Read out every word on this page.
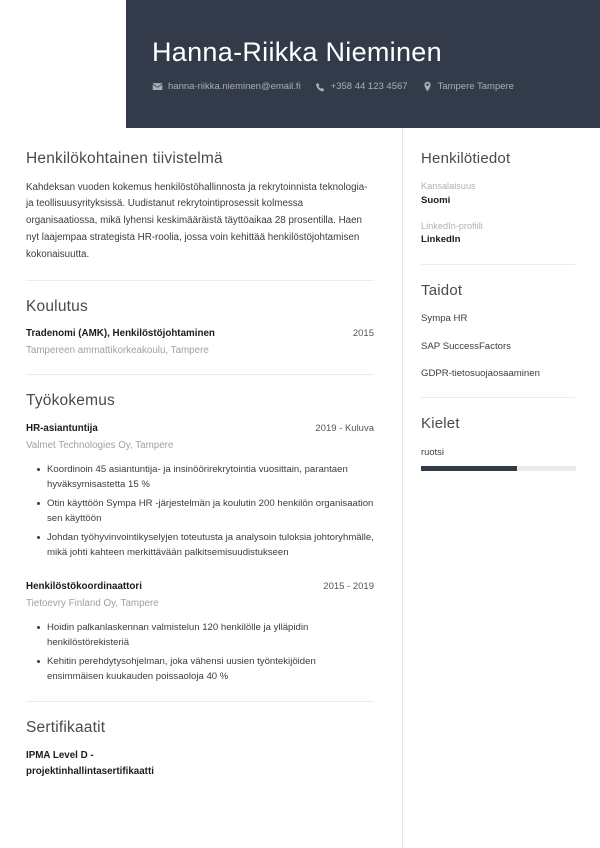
Hanna-Riikka Nieminen
hanna-riikka.nieminen@email.fi	+358 44 123 4567	Tampere Tampere
Henkilökohtainen tiivistelmä

Kahdeksan vuoden kokemus henkilöstöhallinnosta ja rekrytoinnista teknologia- ja teollisuusyrityksissä. Uudistanut rekrytointiprosessit kolmessa organisaatiossa, mikä lyhensi keskimääräistä täyttöaikaa 28 prosentilla. Haen nyt laajempaa strategista HR-roolia, jossa voin kehittää henkilöstöjohtamisen kokonaisuutta.

Koulutus
Tradenomi (AMK), Henkilöstöjohtaminen	2015
Tampereen ammattikorkeakoulu, Tampere
Työkokemus
HR-asiantuntija	2019 - Kuluva
Valmet Technologies Oy, Tampere
Koordinoin 45 asiantuntija- ja insinöörirekrytointia vuosittain, parantaen hyväksymisastetta 15 %
Otin käyttöön Sympa HR -järjestelmän ja koulutin 200 henkilön organisaation sen käyttöön
Johdan työhyvinvointikyselyjen toteutusta ja analysoin tuloksia johtoryhmälle, mikä johti kahteen merkittävään palkitsemisuudistukseen
Henkilöstökoordinaattori	2015 - 2019
Tietoevry Finland Oy, Tampere
Hoidin palkanlaskennan valmistelun 120 henkilölle ja ylläpidin henkilöstörekisteriä
Kehitin perehdytysohjelman, joka vähensi uusien työntekijöiden ensimmäisen kuukauden poissaoloja 40 %
Sertifikaatit
IPMA Level D - projektinhallintasertifikaatti
Henkilötiedot
Kansalaisuus
Suomi
LinkedIn-profiili
LinkedIn
Taidot
Sympa HR
SAP SuccessFactors
GDPR-tietosuojaosaaminen
Kielet
ruotsi
